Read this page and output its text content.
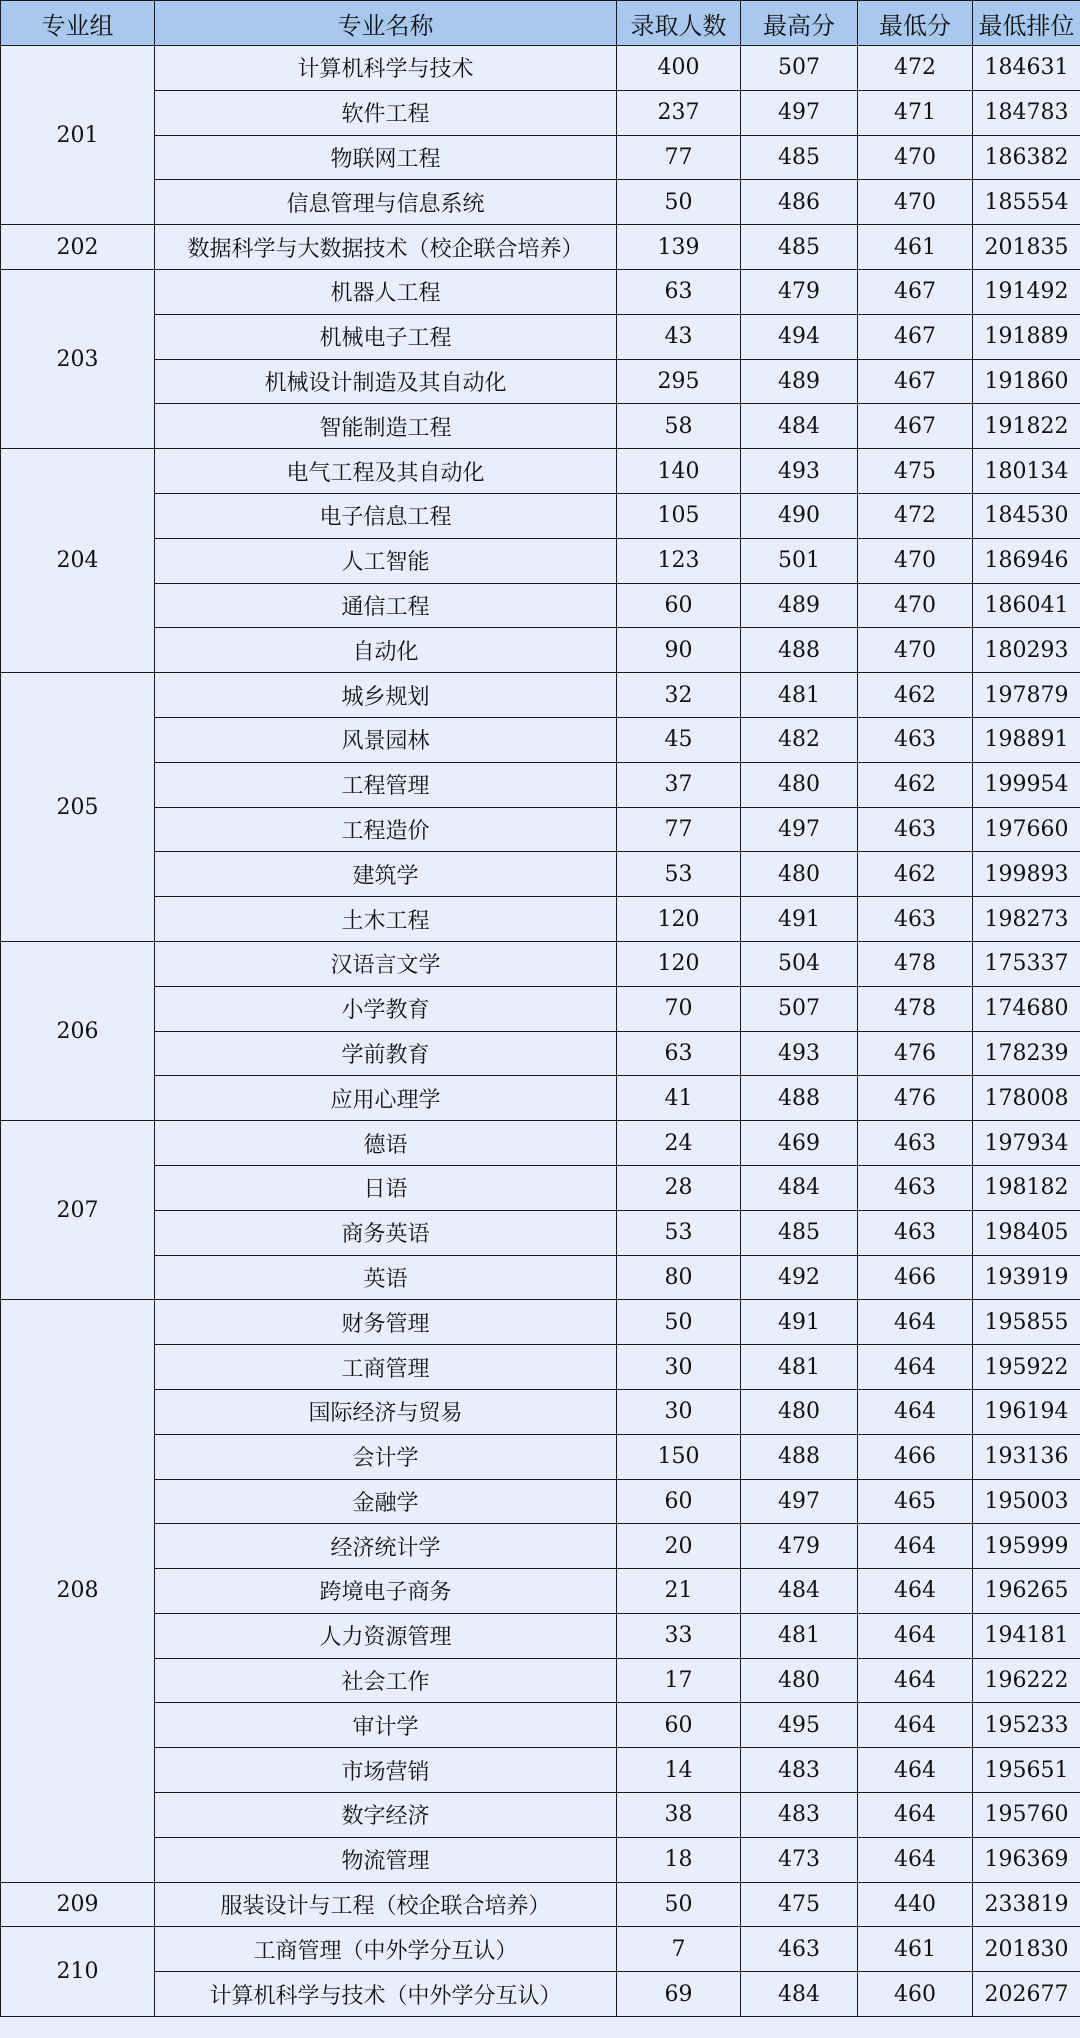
专业组	专业名称	录取人数	最高分	最低分	最低排位
201	计算机科学与技术	400	507	472	184631
	软件工程	237	497	471	184783
	物联网工程	77	485	470	186382
	信息管理与信息系统	50	486	470	185554
202	数据科学与大数据技术（校企联合培养）	139	485	461	201835
203	机器人工程	63	479	467	191492
	机械电子工程	43	494	467	191889
	机械设计制造及其自动化	295	489	467	191860
	智能制造工程	58	484	467	191822
204	电气工程及其自动化	140	493	475	180134
	电子信息工程	105	490	472	184530
	人工智能	123	501	470	186946
	通信工程	60	489	470	186041
	自动化	90	488	470	180293
205	城乡规划	32	481	462	197879
	风景园林	45	482	463	198891
	工程管理	37	480	462	199954
	工程造价	77	497	463	197660
	建筑学	53	480	462	199893
	土木工程	120	491	463	198273
206	汉语言文学	120	504	478	175337
	小学教育	70	507	478	174680
	学前教育	63	493	476	178239
	应用心理学	41	488	476	178008
207	德语	24	469	463	197934
	日语	28	484	463	198182
	商务英语	53	485	463	198405
	英语	80	492	466	193919
208	财务管理	50	491	464	195855
	工商管理	30	481	464	195922
	国际经济与贸易	30	480	464	196194
	会计学	150	488	466	193136
	金融学	60	497	465	195003
	经济统计学	20	479	464	195999
	跨境电子商务	21	484	464	196265
	人力资源管理	33	481	464	194181
	社会工作	17	480	464	196222
	审计学	60	495	464	195233
	市场营销	14	483	464	195651
	数字经济	38	483	464	195760
	物流管理	18	473	464	196369
209	服装设计与工程（校企联合培养）	50	475	440	233819
210	工商管理（中外学分互认）	7	463	461	201830
	计算机科学与技术（中外学分互认）	69	484	460	202677
